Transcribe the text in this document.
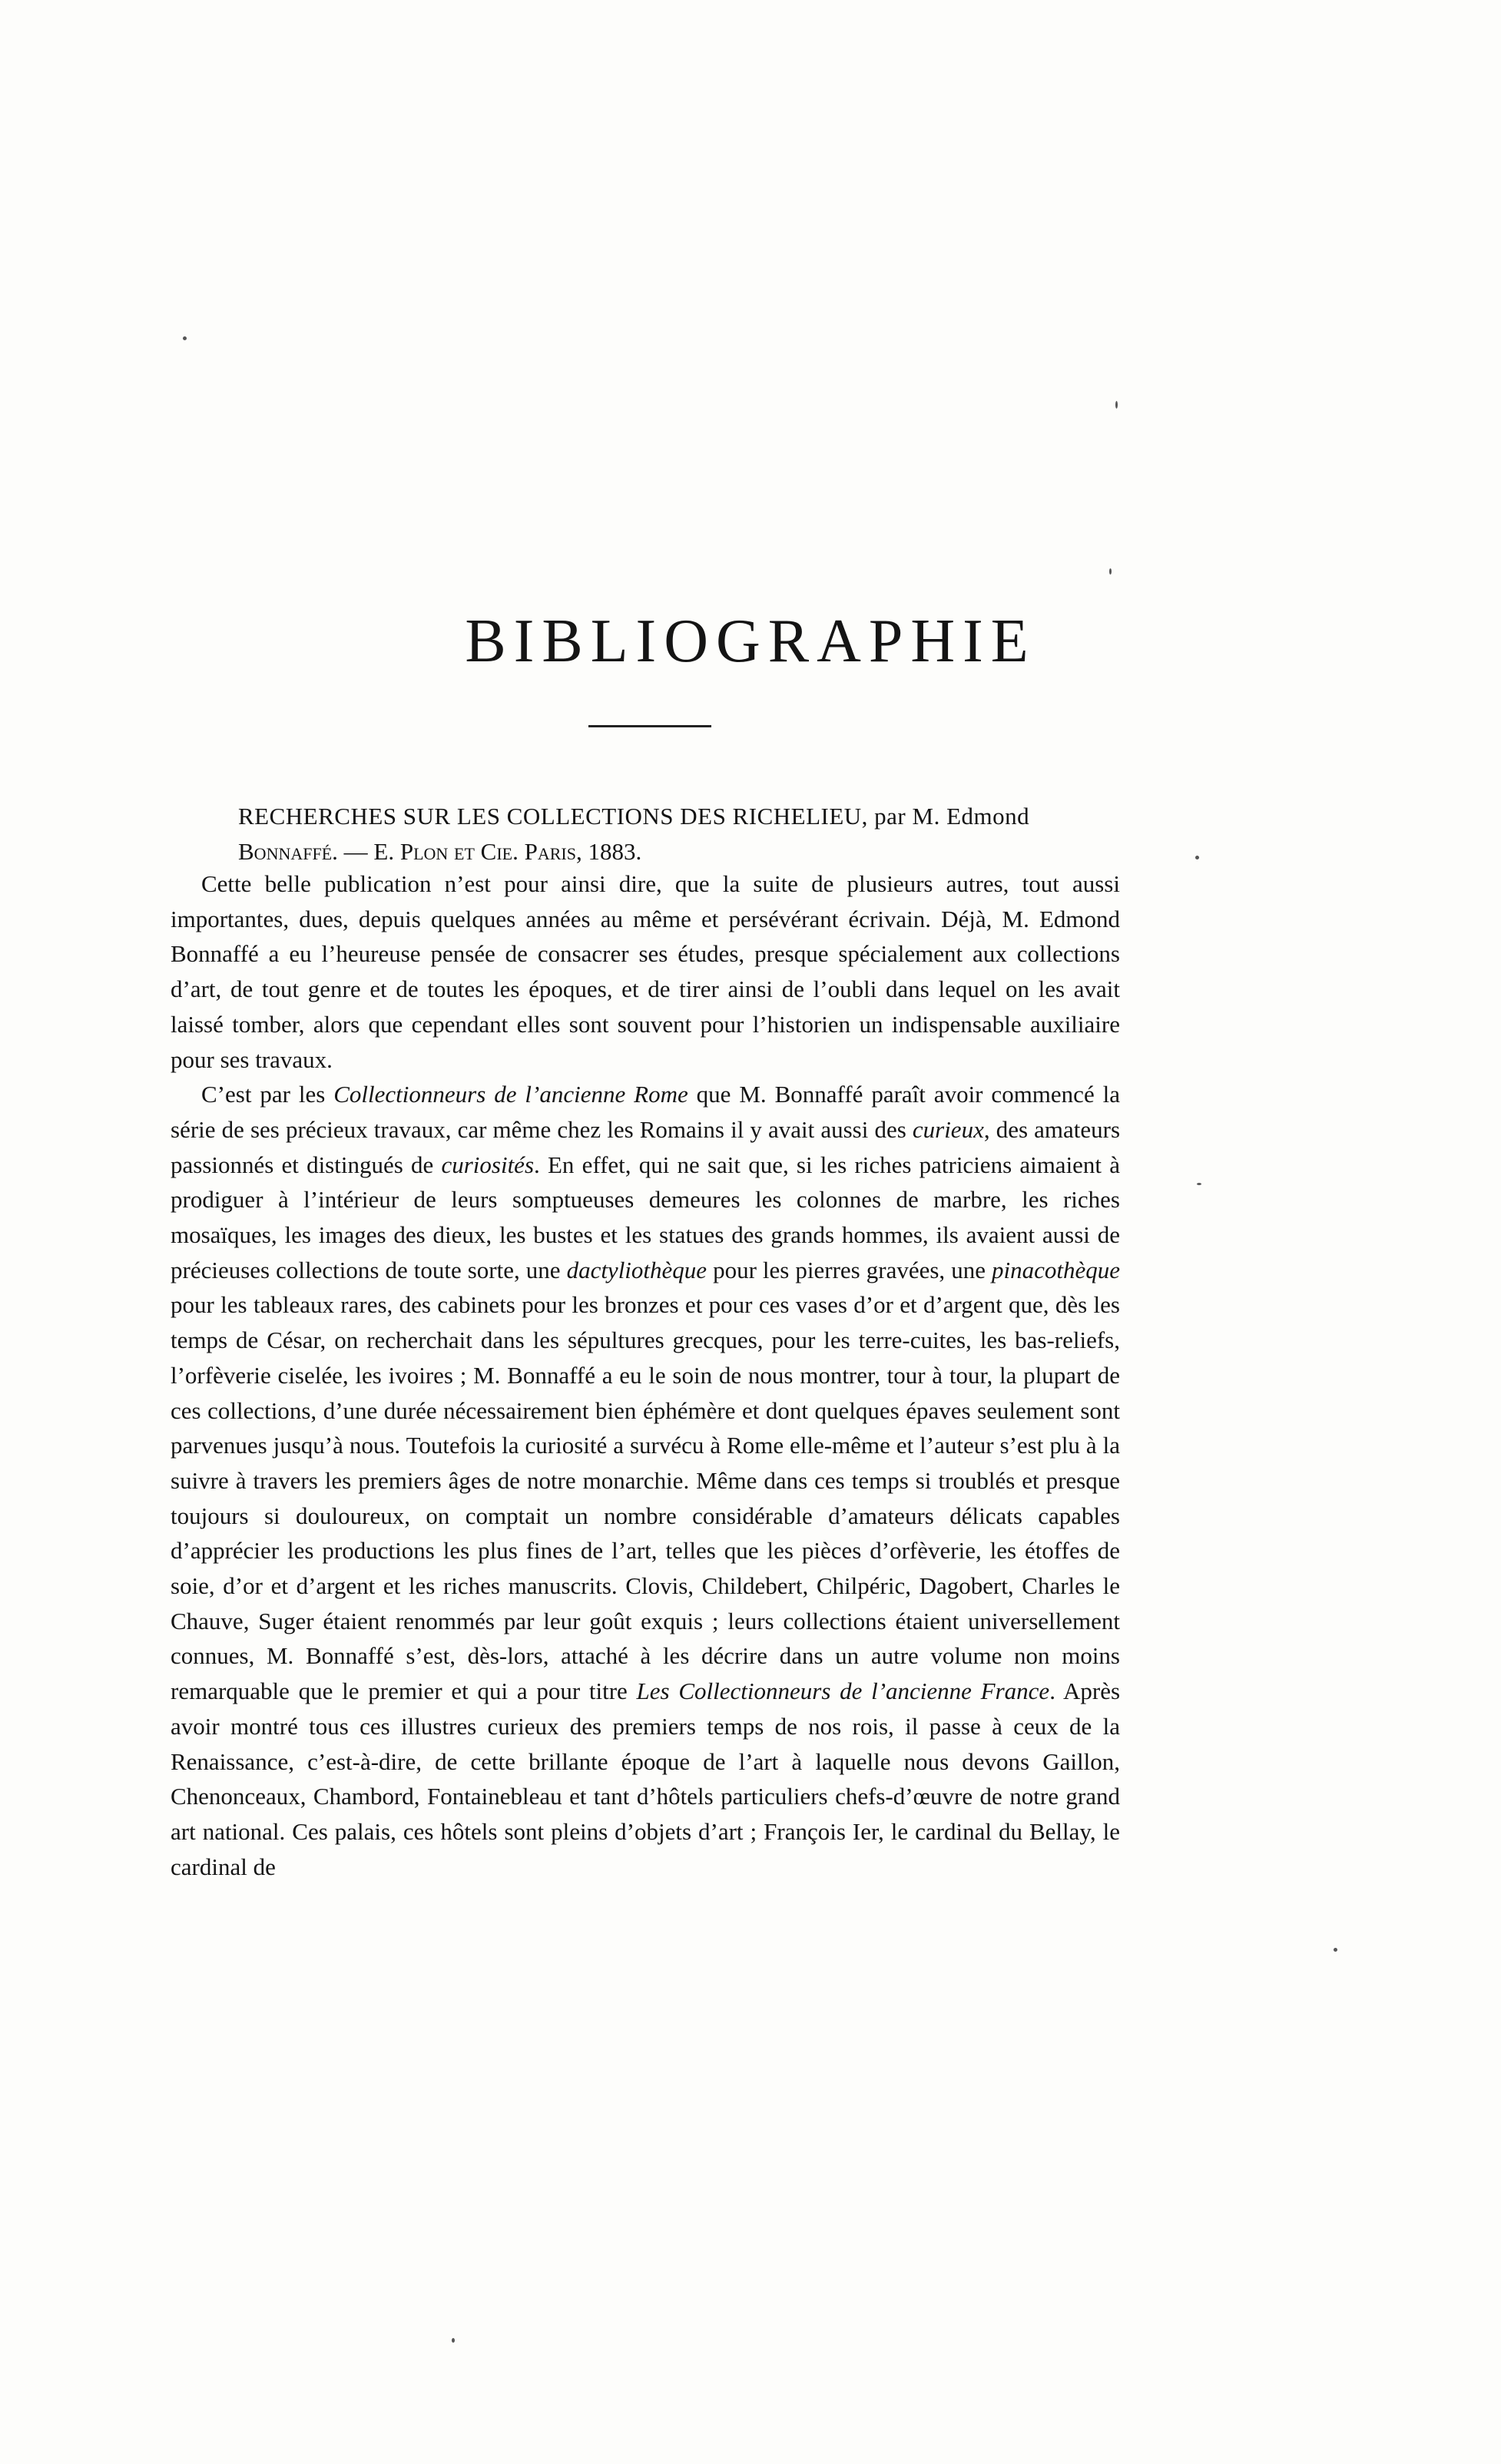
BIBLIOGRAPHIE
RECHERCHES SUR LES COLLECTIONS DES RICHELIEU, par M. Edmond
Bonnaffé. — E. Plon et Cie. Paris, 1883.

Cette belle publication n’est pour ainsi dire, que la suite de plusieurs autres, tout aussi importantes, dues, depuis quelques années au même et persévérant écrivain. Déjà, M. Edmond Bonnaffé a eu l’heureuse pensée de consacrer ses études, presque spécialement aux collections d’art, de tout genre et de toutes les époques, et de tirer ainsi de l’oubli dans lequel on les avait laissé tomber, alors que cependant elles sont souvent pour l’historien un indispensable auxiliaire pour ses travaux.

C’est par les Collectionneurs de l’ancienne Rome que M. Bonnaffé paraît avoir commencé la série de ses précieux travaux, car même chez les Romains il y avait aussi des curieux, des amateurs passionnés et distingués de curiosités. En effet, qui ne sait que, si les riches patriciens aimaient à prodiguer à l’intérieur de leurs somptueuses demeures les colonnes de marbre, les riches mosaïques, les images des dieux, les bustes et les statues des grands hommes, ils avaient aussi de précieuses collections de toute sorte, une dactyliothèque pour les pierres gravées, une pinacothèque pour les tableaux rares, des cabinets pour les bronzes et pour ces vases d’or et d’argent que, dès les temps de César, on recherchait dans les sépultures grecques, pour les terre-cuites, les bas-reliefs, l’orfèverie ciselée, les ivoires ; M. Bonnaffé a eu le soin de nous montrer, tour à tour, la plupart de ces collections, d’une durée nécessairement bien éphémère et dont quelques épaves seulement sont parvenues jusqu’à nous. Toutefois la curiosité a survécu à Rome elle-même et l’auteur s’est plu à la suivre à travers les premiers âges de notre monarchie. Même dans ces temps si troublés et presque toujours si douloureux, on comptait un nombre considérable d’amateurs délicats capables d’apprécier les productions les plus fines de l’art, telles que les pièces d’orfèverie, les étoffes de soie, d’or et d’argent et les riches manuscrits. Clovis, Childebert, Chilpéric, Dagobert, Charles le Chauve, Suger étaient renommés par leur goût exquis ; leurs collections étaient universellement connues, M. Bonnaffé s’est, dès-lors, attaché à les décrire dans un autre volume non moins remarquable que le premier et qui a pour titre Les Collectionneurs de l’ancienne France. Après avoir montré tous ces illustres curieux des premiers temps de nos rois, il passe à ceux de la Renaissance, c’est-à-dire, de cette brillante époque de l’art à laquelle nous devons Gaillon, Chenonceaux, Chambord, Fontainebleau et tant d’hôtels particuliers chefs-d’œuvre de notre grand art national. Ces palais, ces hôtels sont pleins d’objets d’art ; François Ier, le cardinal du Bellay, le cardinal de
